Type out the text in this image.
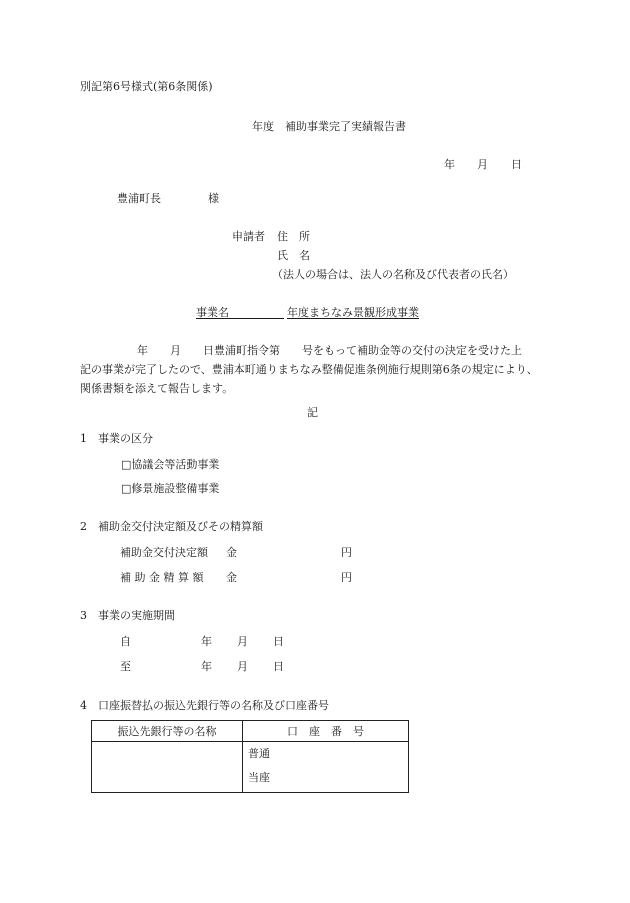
別記第6号様式(第6条関係)
年度　補助事業完了実績報告書
年 月 日
豊浦町長	様
申請者 住　所
氏　名
（法人の場合は、法人の名称及び代表者の氏名）
事業名
　　　　　	年度まちなみ景観形成事業
年　　月　　日豊浦町指令第　　号をもって補助金等の交付の決定を受けた上
記の事業が完了したので、豊浦本町通りまちなみ整備促進条例施行規則第6条の規定により、
関係書類を添えて報告します。
記
1　事業の区分
□協議会等活動事業
□修景施設整備事業
2　補助金交付決定額及びその精算額
補助金交付決定額 金	円
補 助 金 精 算 額 金	円
3　事業の実施期間
自	年 月 日
至	年 月 日
4　口座振替払の振込先銀行等の名称及び口座番号
振込先銀行等の名称	口　座　番　号

	普通
当座
